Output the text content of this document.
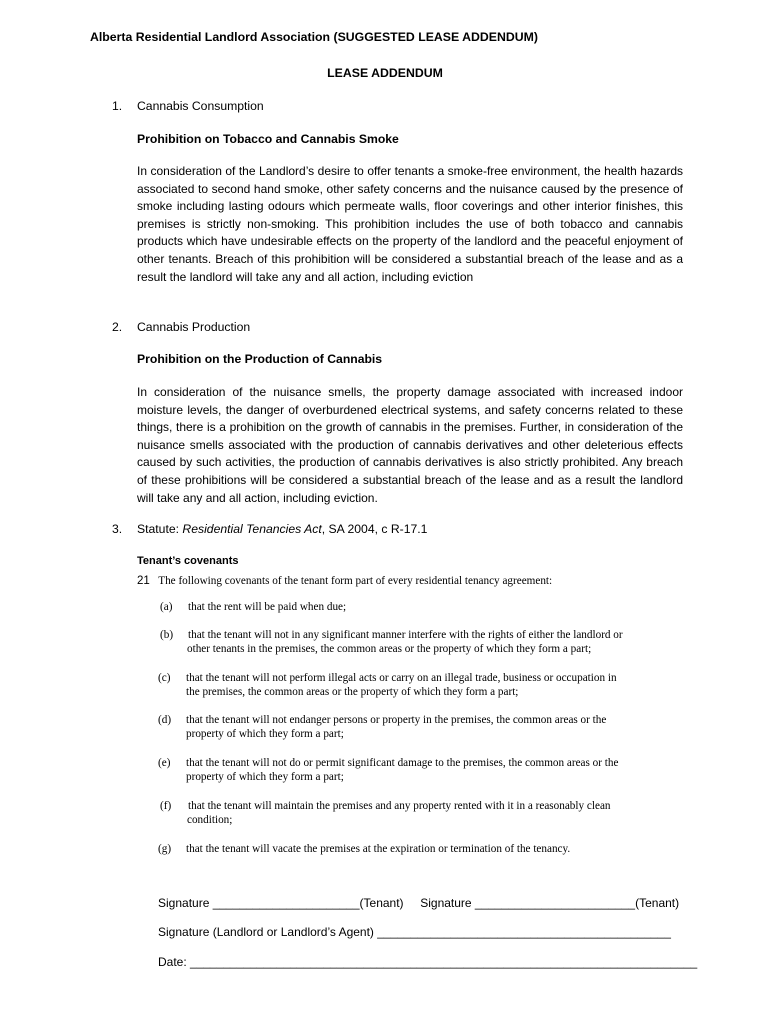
Alberta Residential Landlord Association (SUGGESTED LEASE ADDENDUM)
LEASE ADDENDUM
1.	Cannabis Consumption
Prohibition on Tobacco and Cannabis Smoke
In consideration of the Landlord’s desire to offer tenants a smoke-free environment, the health hazards associated to second hand smoke, other safety concerns and the nuisance caused by the presence of smoke including lasting odours which permeate walls, floor coverings and other interior finishes, this premises is strictly non-smoking. This prohibition includes the use of both tobacco and cannabis products which have undesirable effects on the property of the landlord and the peaceful enjoyment of other tenants. Breach of this prohibition will be considered a substantial breach of the lease and as a result the landlord will take any and all action, including eviction
2.	Cannabis Production
Prohibition on the Production of Cannabis
In consideration of the nuisance smells, the property damage associated with increased indoor moisture levels, the danger of overburdened electrical systems, and safety concerns related to these things, there is a prohibition on the growth of cannabis in the premises. Further, in consideration of the nuisance smells associated with the production of cannabis derivatives and other deleterious effects caused by such activities, the production of cannabis derivatives is also strictly prohibited. Any breach of these prohibitions will be considered a substantial breach of the lease and as a result the landlord will take any and all action, including eviction.
3.	Statute: Residential Tenancies Act, SA 2004, c R-17.1
Tenant’s covenants
21 The following covenants of the tenant form part of every residential tenancy agreement:
(a) that the rent will be paid when due;
(b) that the tenant will not in any significant manner interfere with the rights of either the landlord or
other tenants in the premises, the common areas or the property of which they form a part;
(c) that the tenant will not perform illegal acts or carry on an illegal trade, business or occupation in
the premises, the common areas or the property of which they form a part;
(d) that the tenant will not endanger persons or property in the premises, the common areas or the
property of which they form a part;
(e) that the tenant will not do or permit significant damage to the premises, the common areas or the
property of which they form a part;
(f) that the tenant will maintain the premises and any property rented with it in a reasonably clean
condition;
(g) that the tenant will vacate the premises at the expiration or termination of the tenancy.
Signature ______________________(Tenant)     Signature ________________________(Tenant)
Signature (Landlord or Landlord’s Agent) ____________________________________________
Date: ____________________________________________________________________________
